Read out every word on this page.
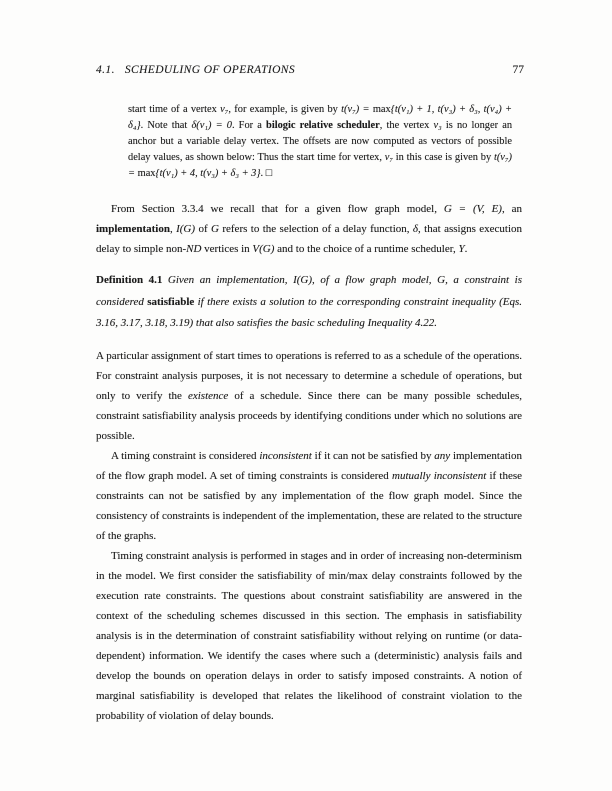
4.1. SCHEDULING OF OPERATIONS	77
start time of a vertex v₇, for example, is given by t(v₇) = max{t(v₁) + 1, t(v₃) + δ₃, t(v₄) + δ₄}. Note that δ(v₁) = 0. For a bilogic relative scheduler, the vertex v₃ is no longer an anchor but a variable delay vertex. The offsets are now computed as vectors of possible delay values, as shown below: Thus the start time for vertex, v₇ in this case is given by t(v₇) = max{t(v₁) + 4, t(v₃) + δ₃ + 3}. □

From Section 3.3.4 we recall that for a given flow graph model, G = (V, E), an implementation, I(G) of G refers to the selection of a delay function, δ, that assigns execution delay to simple non-ND vertices in V(G) and to the choice of a runtime scheduler, Υ.

Definition 4.1  Given an implementation, I(G), of a flow graph model, G, a constraint is considered satisfiable if there exists a solution to the corresponding constraint inequality (Eqs. 3.16, 3.17, 3.18, 3.19) that also satisfies the basic scheduling Inequality 4.22.

A particular assignment of start times to operations is referred to as a schedule of the operations. For constraint analysis purposes, it is not necessary to determine a schedule of operations, but only to verify the existence of a schedule. Since there can be many possible schedules, constraint satisfiability analysis proceeds by identifying conditions under which no solutions are possible.

A timing constraint is considered inconsistent if it can not be satisfied by any implementation of the flow graph model. A set of timing constraints is considered mutually inconsistent if these constraints can not be satisfied by any implementation of the flow graph model. Since the consistency of constraints is independent of the implementation, these are related to the structure of the graphs.

Timing constraint analysis is performed in stages and in order of increasing non-determinism in the model. We first consider the satisfiability of min/max delay constraints followed by the execution rate constraints. The questions about constraint satisfiability are answered in the context of the scheduling schemes discussed in this section. The emphasis in satisfiability analysis is in the determination of constraint satisfiability without relying on runtime (or data-dependent) information. We identify the cases where such a (deterministic) analysis fails and develop the bounds on operation delays in order to satisfy imposed constraints. A notion of marginal satisfiability is developed that relates the likelihood of constraint violation to the probability of violation of delay bounds.
